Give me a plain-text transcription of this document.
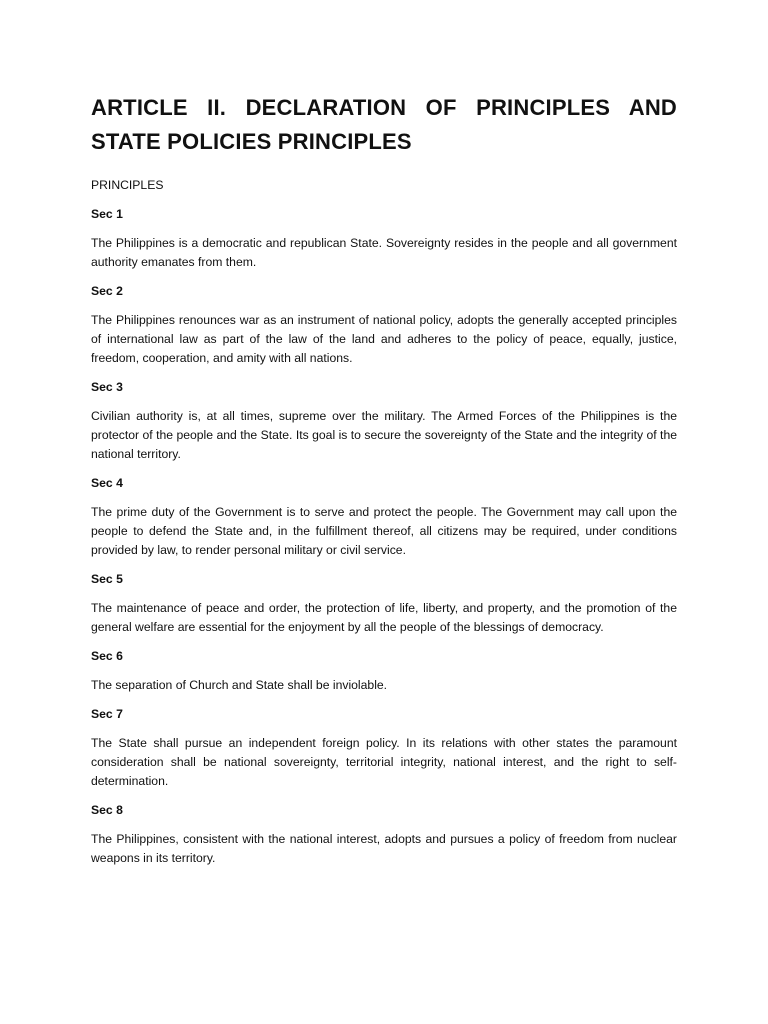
ARTICLE II. DECLARATION OF PRINCIPLES AND STATE POLICIES PRINCIPLES

PRINCIPLES

Sec 1

The Philippines is a democratic and republican State. Sovereignty resides in the people and all government authority emanates from them.

Sec 2

The Philippines renounces war as an instrument of national policy, adopts the generally accepted principles of international law as part of the law of the land and adheres to the policy of peace, equally, justice, freedom, cooperation, and amity with all nations.

Sec 3

Civilian authority is, at all times, supreme over the military. The Armed Forces of the Philippines is the protector of the people and the State. Its goal is to secure the sovereignty of the State and the integrity of the national territory.

Sec 4

The prime duty of the Government is to serve and protect the people. The Government may call upon the people to defend the State and, in the fulfillment thereof, all citizens may be required, under conditions provided by law, to render personal military or civil service.

Sec 5

The maintenance of peace and order, the protection of life, liberty, and property, and the promotion of the general welfare are essential for the enjoyment by all the people of the blessings of democracy.

Sec 6

The separation of Church and State shall be inviolable.

Sec 7

The State shall pursue an independent foreign policy. In its relations with other states the paramount consideration shall be national sovereignty, territorial integrity, national interest, and the right to self-determination.

Sec 8

The Philippines, consistent with the national interest, adopts and pursues a policy of freedom from nuclear weapons in its territory.
